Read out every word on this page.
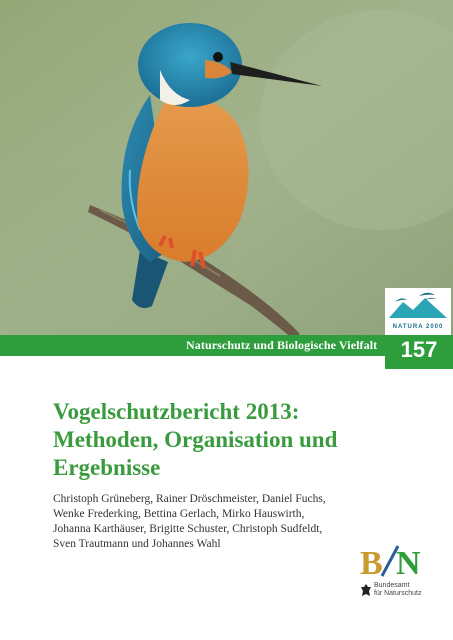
NATURA 2000
Naturschutz und Biologische Vielfalt	157
Vogelschutzbericht 2013:
Methoden, Organisation und
Ergebnisse
Christoph Grüneberg, Rainer Dröschmeister, Daniel Fuchs,
Wenke Frederking, Bettina Gerlach, Mirko Hauswirth,
Johanna Karthäuser, Brigitte Schuster, Christoph Sudfeldt,
Sven Trautmann und Johannes Wahl
B N
Bundesamt
für Naturschutz
